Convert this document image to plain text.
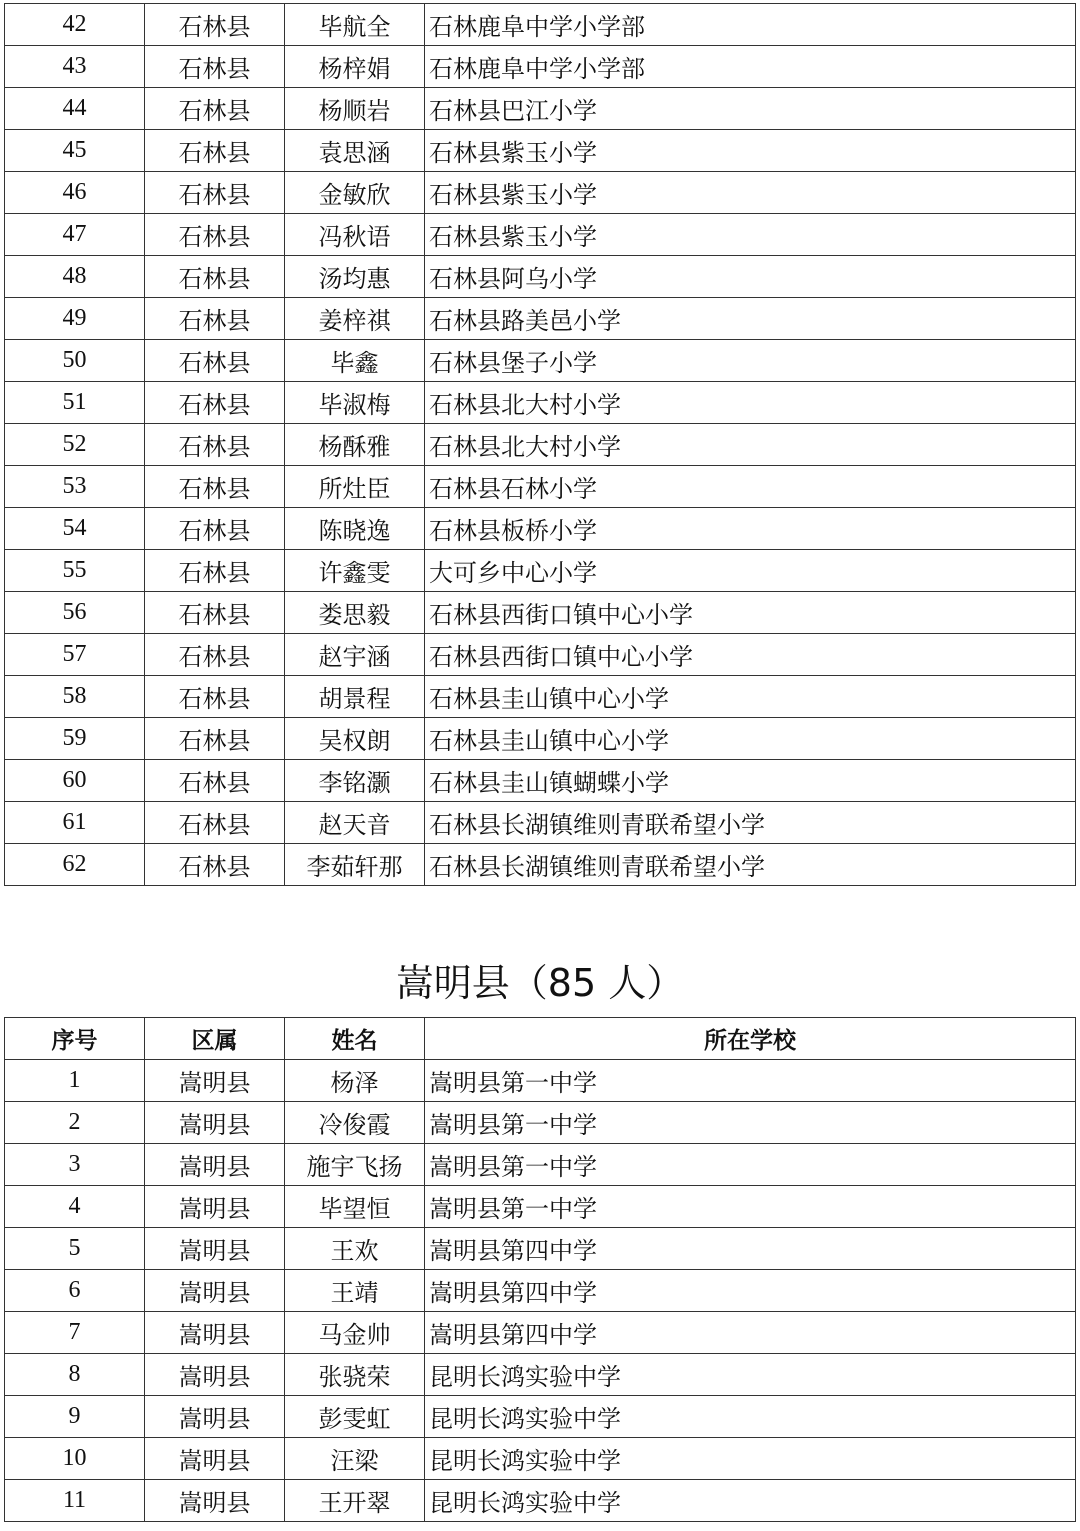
42	石林县	毕航全	石林鹿阜中学小学部
43	石林县	杨梓娟	石林鹿阜中学小学部
44	石林县	杨顺岩	石林县巴江小学
45	石林县	袁思涵	石林县紫玉小学
46	石林县	金敏欣	石林县紫玉小学
47	石林县	冯秋语	石林县紫玉小学
48	石林县	汤均惠	石林县阿乌小学
49	石林县	姜梓祺	石林县路美邑小学
50	石林县	毕鑫	石林县堡子小学
51	石林县	毕淑梅	石林县北大村小学
52	石林县	杨酥雅	石林县北大村小学
53	石林县	所灶臣	石林县石林小学
54	石林县	陈晓逸	石林县板桥小学
55	石林县	许鑫雯	大可乡中心小学
56	石林县	娄思毅	石林县西街口镇中心小学
57	石林县	赵宇涵	石林县西街口镇中心小学
58	石林县	胡景程	石林县圭山镇中心小学
59	石林县	吴权朗	石林县圭山镇中心小学
60	石林县	李铭灏	石林县圭山镇蝴蝶小学
61	石林县	赵天音	石林县长湖镇维则青联希望小学
62	石林县	李茹轩那	石林县长湖镇维则青联希望小学
嵩明县（85 人）
序号	区属	姓名	所在学校
1	嵩明县	杨泽	嵩明县第一中学
2	嵩明县	冷俊霞	嵩明县第一中学
3	嵩明县	施宇飞扬	嵩明县第一中学
4	嵩明县	毕望恒	嵩明县第一中学
5	嵩明县	王欢	嵩明县第四中学
6	嵩明县	王靖	嵩明县第四中学
7	嵩明县	马金帅	嵩明县第四中学
8	嵩明县	张骁荣	昆明长鸿实验中学
9	嵩明县	彭雯虹	昆明长鸿实验中学
10	嵩明县	汪梁	昆明长鸿实验中学
11	嵩明县	王开翠	昆明长鸿实验中学
